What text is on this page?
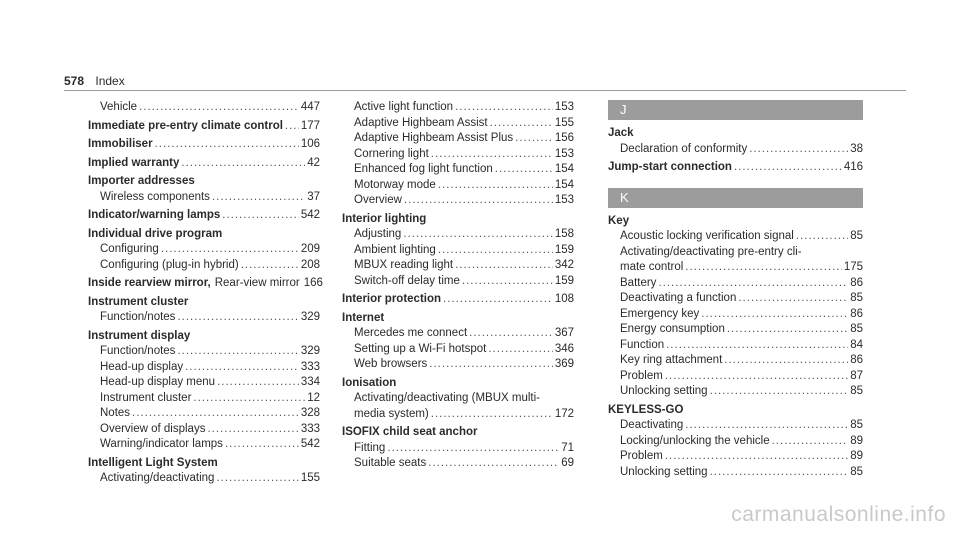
578 Index
Vehicle .....	447
Immediate pre-entry climate control ..... 177
Immobiliser .....	106
Implied warranty .....	42
Importer addresses
Wireless components .....	37
Indicator/warning lamps .....	542
Individual drive program
Configuring .....	209
Configuring (plug-in hybrid) .....	208
Inside rearview mirror, Rear-view mirror 166
Instrument cluster
Function/notes .....	329
Instrument display
Function/notes .....	329
Head-up display .....	333
Head-up display menu .....	334
Instrument cluster .....	12
Notes .....	328
Overview of displays .....	333
Warning/indicator lamps .....	542
Intelligent Light System
Activating/deactivating .....	155
Active light function .....	153
Adaptive Highbeam Assist .....	155
Adaptive Highbeam Assist Plus .....	156
Cornering light .....	153
Enhanced fog light function .....	154
Motorway mode .....	154
Overview .....	153
Interior lighting
Adjusting .....	158
Ambient lighting .....	159
MBUX reading light .....	342
Switch-off delay time .....	159
Interior protection .....	108
Internet
Mercedes me connect .....	367
Setting up a Wi-Fi hotspot .....	346
Web browsers .....	369
Ionisation
Activating/deactivating (MBUX multi-
media system) .....	172
ISOFIX child seat anchor
Fitting .....	71
Suitable seats .....	69
J
Jack
Declaration of conformity .....	38
Jump-start connection .....	416
K
Key
Acoustic locking verification signal .....	85
Activating/deactivating pre-entry cli-
mate control .....	175
Battery .....	86
Deactivating a function .....	85
Emergency key .....	86
Energy consumption .....	85
Function .....	84
Key ring attachment .....	86
Problem .....	87
Unlocking setting .....	85
KEYLESS-GO
Deactivating .....	85
Locking/unlocking the vehicle .....	89
Problem .....	89
Unlocking setting .....	85
carmanualsonline.info
